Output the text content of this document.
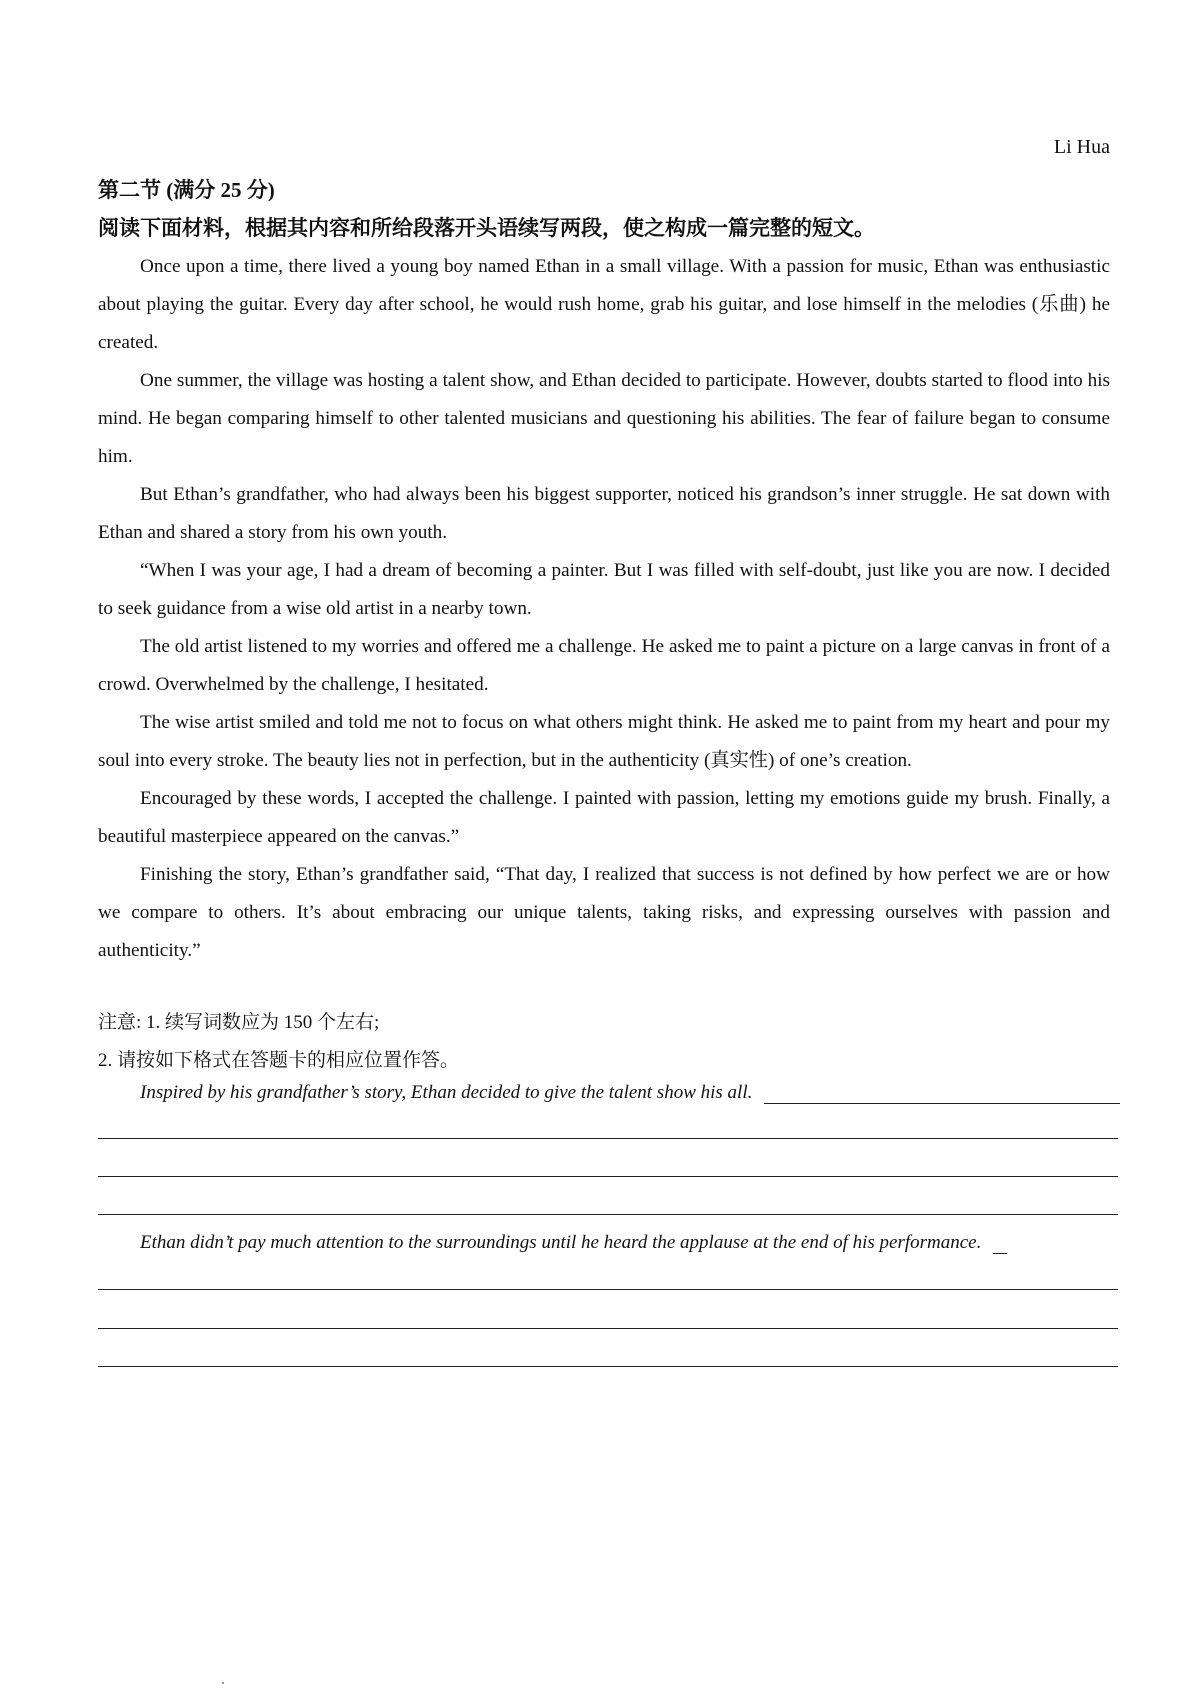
Li Hua
第二节 (满分 25 分)
阅读下面材料，根据其内容和所给段落开头语续写两段，使之构成一篇完整的短文。

Once upon a time, there lived a young boy named Ethan in a small village. With a passion for music, Ethan was enthusiastic about playing the guitar. Every day after school, he would rush home, grab his guitar, and lose himself in the melodies (乐曲) he created.

One summer, the village was hosting a talent show, and Ethan decided to participate. However, doubts started to flood into his mind. He began comparing himself to other talented musicians and questioning his abilities. The fear of failure began to consume him.

But Ethan’s grandfather, who had always been his biggest supporter, noticed his grandson’s inner struggle. He sat down with Ethan and shared a story from his own youth.

“When I was your age, I had a dream of becoming a painter. But I was filled with self-doubt, just like you are now. I decided to seek guidance from a wise old artist in a nearby town.

The old artist listened to my worries and offered me a challenge. He asked me to paint a picture on a large canvas in front of a crowd. Overwhelmed by the challenge, I hesitated.

The wise artist smiled and told me not to focus on what others might think. He asked me to paint from my heart and pour my soul into every stroke. The beauty lies not in perfection, but in the authenticity (真实性) of one’s creation.

Encouraged by these words, I accepted the challenge. I painted with passion, letting my emotions guide my brush. Finally, a beautiful masterpiece appeared on the canvas.”

Finishing the story, Ethan’s grandfather said, “That day, I realized that success is not defined by how perfect we are or how we compare to others. It’s about embracing our unique talents, taking risks, and expressing ourselves with passion and authenticity.”

注意: 1. 续写词数应为 150 个左右;
2. 请按如下格式在答题卡的相应位置作答。
Inspired by his grandfather’s story, Ethan decided to give the talent show his all.
Ethan didn’t pay much attention to the surroundings until he heard the applause at the end of his performance.
